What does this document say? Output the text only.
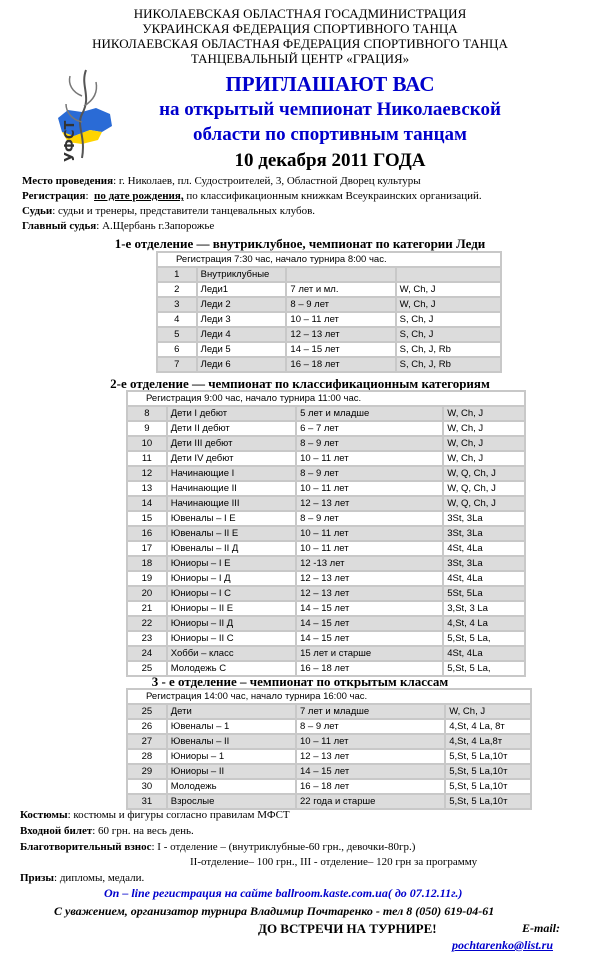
НИКОЛАЕВСКАЯ ОБЛАСТНАЯ ГОСАДМИНИСТРАЦИЯ
УКРАИНСКАЯ ФЕДЕРАЦИЯ СПОРТИВНОГО ТАНЦА
НИКОЛАЕВСКАЯ ОБЛАСТНАЯ ФЕДЕРАЦИЯ СПОРТИВНОГО ТАНЦА
ТАНЦЕВАЛЬНЫЙ ЦЕНТР «ГРАЦИЯ»
УФСТ
ПРИГЛАШАЮТ ВАС
на открытый чемпионат Николаевской
области по спортивным танцам
10 декабря 2011 ГОДА
Место проведения: г. Николаев, пл. Судостроителей, 3, Областной Дворец культуры
Регистрация:  по дате рождения, по классификационным книжкам Всеукраинских организаций.
Судьи: судьи и тренеры, представители танцевальных клубов.
Главный судья: А.Щербань г.Запорожье
1-е отделение — внутриклубное, чемпионат по категории Леди
Регистрация 7:30 час, начало турнира 8:00 час.			
1	Внутриклубные		
2	Леди1	7 лет и мл.	W, Ch, J
3	Леди 2	8 – 9 лет	W, Ch, J
4	Леди 3	10 – 11 лет	S, Ch, J
5	Леди 4	12 – 13 лет	S, Ch, J
6	Леди 5	14 – 15 лет	S, Ch, J, Rb
7	Леди 6	16 – 18 лет	S, Ch, J, Rb
2-е отделение — чемпионат по классификационным категориям
Регистрация 9:00 час, начало турнира 11:00 час.			
8	Дети I дебют	5 лет и младше	W, Ch, J
9	Дети II дебют	6 – 7 лет	W, Ch, J
10	Дети III дебют	8 – 9 лет	W, Ch, J
11	Дети IV дебют	10 – 11 лет	W, Ch, J
12	Начинающие I	8 – 9 лет	W, Q, Ch, J
13	Начинающие II	10 – 11 лет	W, Q, Ch, J
14	Начинающие III	12 – 13 лет	W, Q, Ch, J
15	Ювеналы – I Е	8 – 9 лет	3St, 3La
16	Ювеналы – II Е	10 – 11 лет	3St, 3La
17	Ювеналы – II Д	10 – 11 лет	4St, 4La
18	Юниоры – I Е	12 -13 лет	3St, 3La
19	Юниоры – I Д	12 – 13 лет	4St, 4La
20	Юниоры – I С	12 – 13 лет	5St, 5La
21	Юниоры – II Е	14 – 15 лет	3,St, 3 La
22	Юниоры – II Д	14 – 15 лет	4,St, 4 La
23	Юниоры – II С	14 – 15 лет	5,St, 5 La,
24	Хобби – класс	15 лет и старше	4St, 4La
25	Молодежь С	16 – 18 лет	5,St, 5 La,
3 - е отделение – чемпионат по открытым классам
Регистрация 14:00 час, начало турнира 16:00 час.			
25	Дети	7 лет и младше	W, Ch, J
26	Ювеналы – 1	8 – 9 лет	4,St, 4 La, 8т
27	Ювеналы – II	10 – 11 лет	4,St, 4 La,8т
28	Юниоры – 1	12 – 13 лет	5,St, 5 La,10т
29	Юниоры – II	14 – 15 лет	5,St, 5 La,10т
30	Молодежь	16 – 18 лет	5,St, 5 La,10т
31	Взрослые	22 года и старше	5,St, 5 La,10т
Костюмы: костюмы и фигуры согласно правилам МФСТ
Входной билет: 60 грн. на весь день.
Благотворительный взнос: І - отделение – (внутриклубные-60 грн., девочки-80гр.)
ІІ-отделение– 100 грн., ІІІ - отделение– 120 грн за программу
Призы: дипломы, медали.
On – line регистрация на сайте ballroom.kaste.com.ua( до 07.12.11г.)
С уважением, организатор турнира Владимир Почтаренко - тел 8 (050) 619-04-61
ДО ВСТРЕЧИ НА ТУРНИРЕ!	E-mail:
pochtarenko@list.ru
